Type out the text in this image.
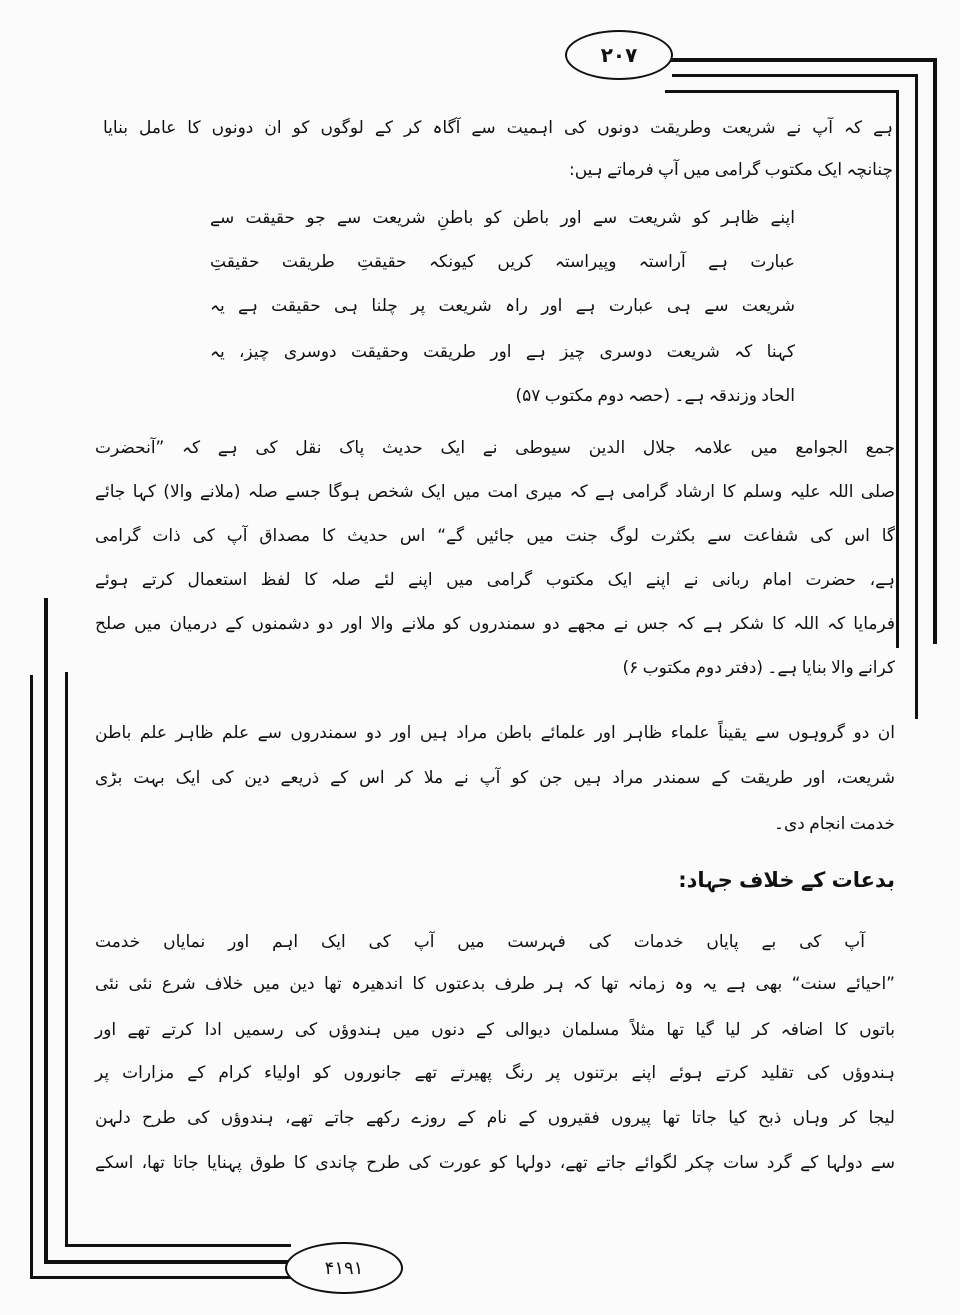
۲۰۷
۴۱۹۱
ہے کہ آپ نے شریعت وطریقت دونوں کی اہمیت سے آگاہ کر کے لوگوں کو ان دونوں کا عامل بنایا
چنانچہ ایک مکتوب گرامی میں آپ فرماتے ہیں:
اپنے ظاہر کو شریعت سے اور باطن کو باطنِ شریعت سے جو حقیقت سے
عبارت ہے آراستہ وپیراستہ کریں کیونکہ حقیقتِ طریقت حقیقتِ
شریعت سے ہی عبارت ہے اور راہ شریعت پر چلنا ہی حقیقت ہے یہ
کہنا کہ شریعت دوسری چیز ہے اور طریقت وحقیقت دوسری چیز، یہ
الحاد وزندقہ ہے۔ (حصہ دوم مکتوب ۵۷)
جمع الجوامع میں علامہ جلال الدین سیوطی نے ایک حدیث پاک نقل کی ہے کہ ”آنحضرت
صلی اللہ علیہ وسلم کا ارشاد گرامی ہے کہ میری امت میں ایک شخص ہوگا جسے صلہ (ملانے والا) کہا جائے
گا اس کی شفاعت سے بکثرت لوگ جنت میں جائیں گے“ اس حدیث کا مصداق آپ کی ذات گرامی
ہے، حضرت امام ربانی نے اپنے ایک مکتوب گرامی میں اپنے لئے صلہ کا لفظ استعمال کرتے ہوئے
فرمایا کہ اللہ کا شکر ہے کہ جس نے مجھے دو سمندروں کو ملانے والا اور دو دشمنوں کے درمیان میں صلح
کرانے والا بنایا ہے۔ (دفتر دوم مکتوب ۶)
ان دو گروہوں سے یقیناً علماء ظاہر اور علمائے باطن مراد ہیں اور دو سمندروں سے علم ظاہر علم باطن
شریعت، اور طریقت کے سمندر مراد ہیں جن کو آپ نے ملا کر اس کے ذریعے دین کی ایک بہت بڑی
خدمت انجام دی۔
بدعات کے خلاف جہاد:
آپ کی بے پایاں خدمات کی فہرست میں آپ کی ایک اہم اور نمایاں خدمت
”احیائے سنت“ بھی ہے یہ وہ زمانہ تھا کہ ہر طرف بدعتوں کا اندھیرہ تھا دین میں خلاف شرع نئی نئی
باتوں کا اضافہ کر لیا گیا تھا مثلاً مسلمان دیوالی کے دنوں میں ہندوؤں کی رسمیں ادا کرتے تھے اور
ہندوؤں کی تقلید کرتے ہوئے اپنے برتنوں پر رنگ پھیرتے تھے جانوروں کو اولیاء کرام کے مزارات پر
لیجا کر وہاں ذبح کیا جاتا تھا پیروں فقیروں کے نام کے روزے رکھے جاتے تھے، ہندوؤں کی طرح دلہن
سے دولہا کے گرد سات چکر لگوائے جاتے تھے، دولہا کو عورت کی طرح چاندی کا طوق پہنایا جاتا تھا، اسکے
